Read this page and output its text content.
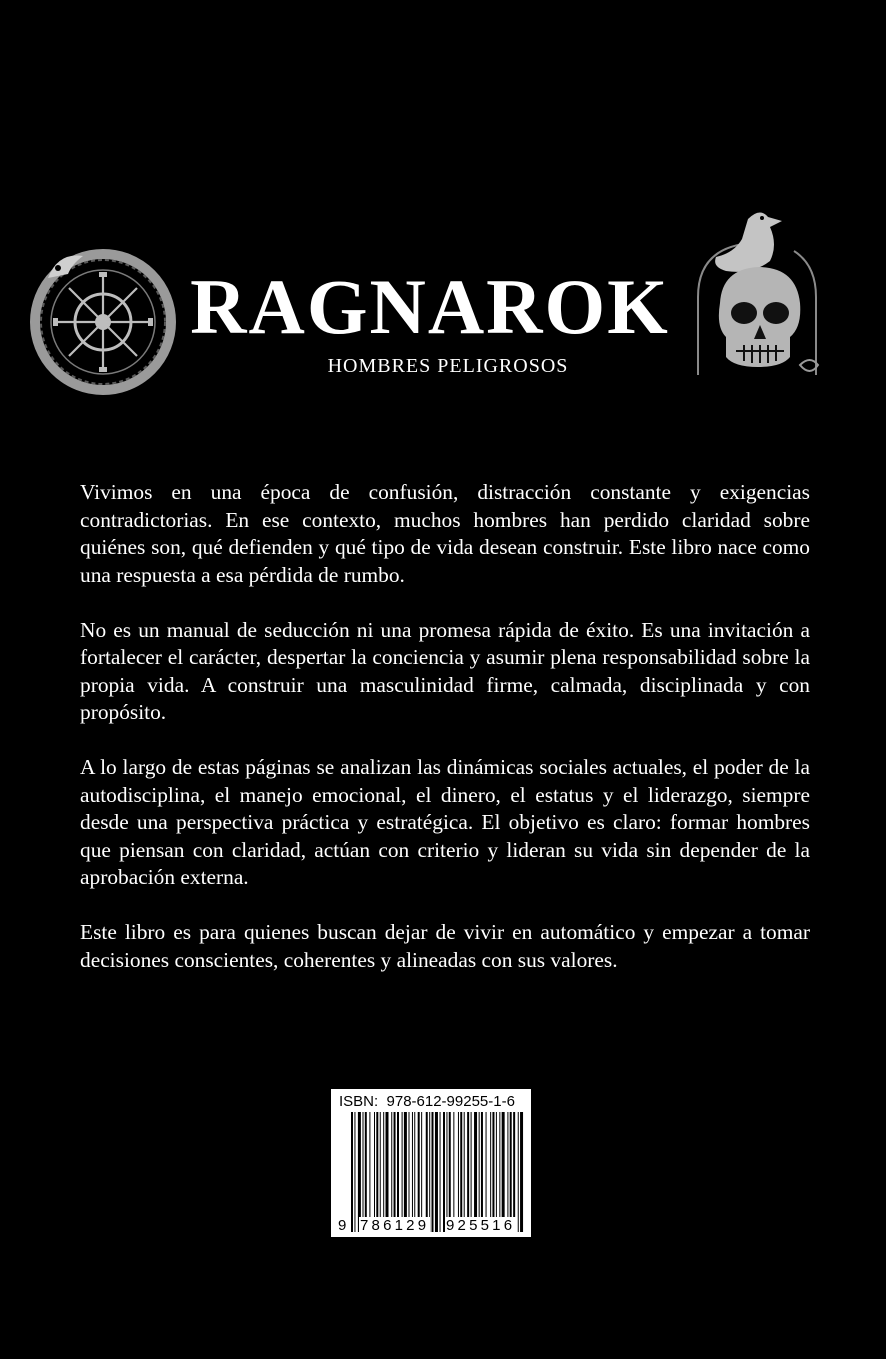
RAGNAROK
HOMBRES PELIGROSOS

Vivimos en una época de confusión, distracción constante y exigencias contradictorias. En ese contexto, muchos hombres han perdido claridad sobre quiénes son, qué defienden y qué tipo de vida desean construir. Este libro nace como una respuesta a esa pérdida de rumbo.

No es un manual de seducción ni una promesa rápida de éxito. Es una invitación a fortalecer el carácter, despertar la conciencia y asumir plena responsabilidad sobre la propia vida. A construir una masculinidad firme, calmada, disciplinada y con propósito.

A lo largo de estas páginas se analizan las dinámicas sociales actuales, el poder de la autodisciplina, el manejo emocional, el dinero, el estatus y el liderazgo, siempre desde una perspectiva práctica y estratégica. El objetivo es claro: formar hombres que piensan con claridad, actúan con criterio y lideran su vida sin depender de la aprobación externa.

Este libro es para quienes buscan dejar de vivir en automático y empezar a tomar decisiones conscientes, coherentes y alineadas con sus valores.

ISBN:  978-612-99255-1-6
9 786129 925516
